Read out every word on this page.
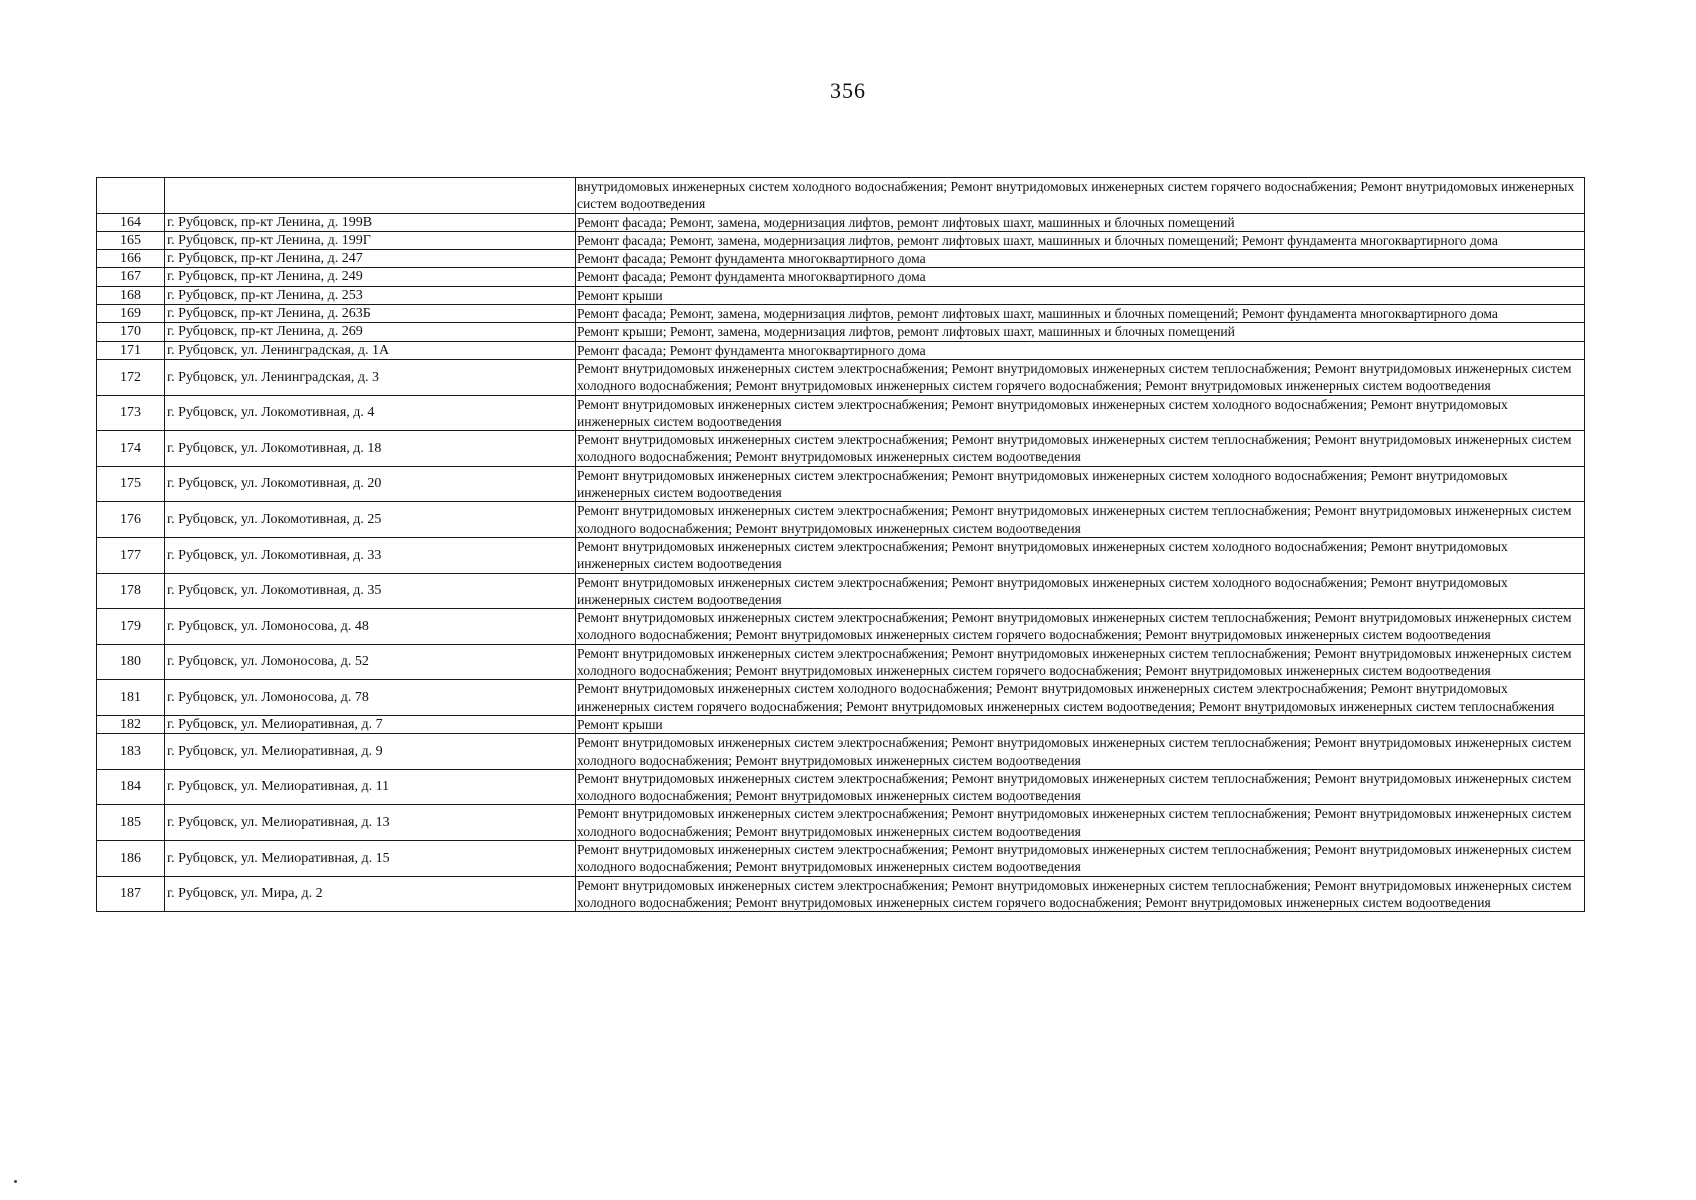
356
		внутридомовых инженерных систем холодного водоснабжения; Ремонт внутридомовых инженерных систем горячего водоснабжения; Ремонт внутридомовых инженерных систем водоотведения
164	г. Рубцовск, пр-кт Ленина, д. 199В	Ремонт фасада; Ремонт, замена, модернизация лифтов, ремонт лифтовых шахт, машинных и блочных помещений
165	г. Рубцовск, пр-кт Ленина, д. 199Г	Ремонт фасада; Ремонт, замена, модернизация лифтов, ремонт лифтовых шахт, машинных и блочных помещений; Ремонт фундамента многоквартирного дома
166	г. Рубцовск, пр-кт Ленина, д. 247	Ремонт фасада; Ремонт фундамента многоквартирного дома
167	г. Рубцовск, пр-кт Ленина, д. 249	Ремонт фасада; Ремонт фундамента многоквартирного дома
168	г. Рубцовск, пр-кт Ленина, д. 253	Ремонт крыши
169	г. Рубцовск, пр-кт Ленина, д. 263Б	Ремонт фасада; Ремонт, замена, модернизация лифтов, ремонт лифтовых шахт, машинных и блочных помещений; Ремонт фундамента многоквартирного дома
170	г. Рубцовск, пр-кт Ленина, д. 269	Ремонт крыши; Ремонт, замена, модернизация лифтов, ремонт лифтовых шахт, машинных и блочных помещений
171	г. Рубцовск, ул. Ленинградская, д. 1А	Ремонт фасада; Ремонт фундамента многоквартирного дома
172	г. Рубцовск, ул. Ленинградская, д. 3	Ремонт внутридомовых инженерных систем электроснабжения; Ремонт внутридомовых инженерных систем теплоснабжения; Ремонт внутридомовых инженерных систем холодного водоснабжения; Ремонт внутридомовых инженерных систем горячего водоснабжения; Ремонт внутридомовых инженерных систем водоотведения
173	г. Рубцовск, ул. Локомотивная, д. 4	Ремонт внутридомовых инженерных систем электроснабжения; Ремонт внутридомовых инженерных систем холодного водоснабжения; Ремонт внутридомовых инженерных систем водоотведения
174	г. Рубцовск, ул. Локомотивная, д. 18	Ремонт внутридомовых инженерных систем электроснабжения; Ремонт внутридомовых инженерных систем теплоснабжения; Ремонт внутридомовых инженерных систем холодного водоснабжения; Ремонт внутридомовых инженерных систем водоотведения
175	г. Рубцовск, ул. Локомотивная, д. 20	Ремонт внутридомовых инженерных систем электроснабжения; Ремонт внутридомовых инженерных систем холодного водоснабжения; Ремонт внутридомовых инженерных систем водоотведения
176	г. Рубцовск, ул. Локомотивная, д. 25	Ремонт внутридомовых инженерных систем электроснабжения; Ремонт внутридомовых инженерных систем теплоснабжения; Ремонт внутридомовых инженерных систем холодного водоснабжения; Ремонт внутридомовых инженерных систем водоотведения
177	г. Рубцовск, ул. Локомотивная, д. 33	Ремонт внутридомовых инженерных систем электроснабжения; Ремонт внутридомовых инженерных систем холодного водоснабжения; Ремонт внутридомовых инженерных систем водоотведения
178	г. Рубцовск, ул. Локомотивная, д. 35	Ремонт внутридомовых инженерных систем электроснабжения; Ремонт внутридомовых инженерных систем холодного водоснабжения; Ремонт внутридомовых инженерных систем водоотведения
179	г. Рубцовск, ул. Ломоносова, д. 48	Ремонт внутридомовых инженерных систем электроснабжения; Ремонт внутридомовых инженерных систем теплоснабжения; Ремонт внутридомовых инженерных систем холодного водоснабжения; Ремонт внутридомовых инженерных систем горячего водоснабжения; Ремонт внутридомовых инженерных систем водоотведения
180	г. Рубцовск, ул. Ломоносова, д. 52	Ремонт внутридомовых инженерных систем электроснабжения; Ремонт внутридомовых инженерных систем теплоснабжения; Ремонт внутридомовых инженерных систем холодного водоснабжения; Ремонт внутридомовых инженерных систем горячего водоснабжения; Ремонт внутридомовых инженерных систем водоотведения
181	г. Рубцовск, ул. Ломоносова, д. 78	Ремонт внутридомовых инженерных систем холодного водоснабжения; Ремонт внутридомовых инженерных систем электроснабжения; Ремонт внутридомовых инженерных систем горячего водоснабжения; Ремонт внутридомовых инженерных систем водоотведения; Ремонт внутридомовых инженерных систем теплоснабжения
182	г. Рубцовск, ул. Мелиоративная, д. 7	Ремонт крыши
183	г. Рубцовск, ул. Мелиоративная, д. 9	Ремонт внутридомовых инженерных систем электроснабжения; Ремонт внутридомовых инженерных систем теплоснабжения; Ремонт внутридомовых инженерных систем холодного водоснабжения; Ремонт внутридомовых инженерных систем водоотведения
184	г. Рубцовск, ул. Мелиоративная, д. 11	Ремонт внутридомовых инженерных систем электроснабжения; Ремонт внутридомовых инженерных систем теплоснабжения; Ремонт внутридомовых инженерных систем холодного водоснабжения; Ремонт внутридомовых инженерных систем водоотведения
185	г. Рубцовск, ул. Мелиоративная, д. 13	Ремонт внутридомовых инженерных систем электроснабжения; Ремонт внутридомовых инженерных систем теплоснабжения; Ремонт внутридомовых инженерных систем холодного водоснабжения; Ремонт внутридомовых инженерных систем водоотведения
186	г. Рубцовск, ул. Мелиоративная, д. 15	Ремонт внутридомовых инженерных систем электроснабжения; Ремонт внутридомовых инженерных систем теплоснабжения; Ремонт внутридомовых инженерных систем холодного водоснабжения; Ремонт внутридомовых инженерных систем водоотведения
187	г. Рубцовск, ул. Мира, д. 2	Ремонт внутридомовых инженерных систем электроснабжения; Ремонт внутридомовых инженерных систем теплоснабжения; Ремонт внутридомовых инженерных систем холодного водоснабжения; Ремонт внутридомовых инженерных систем горячего водоснабжения; Ремонт внутридомовых инженерных систем водоотведения
